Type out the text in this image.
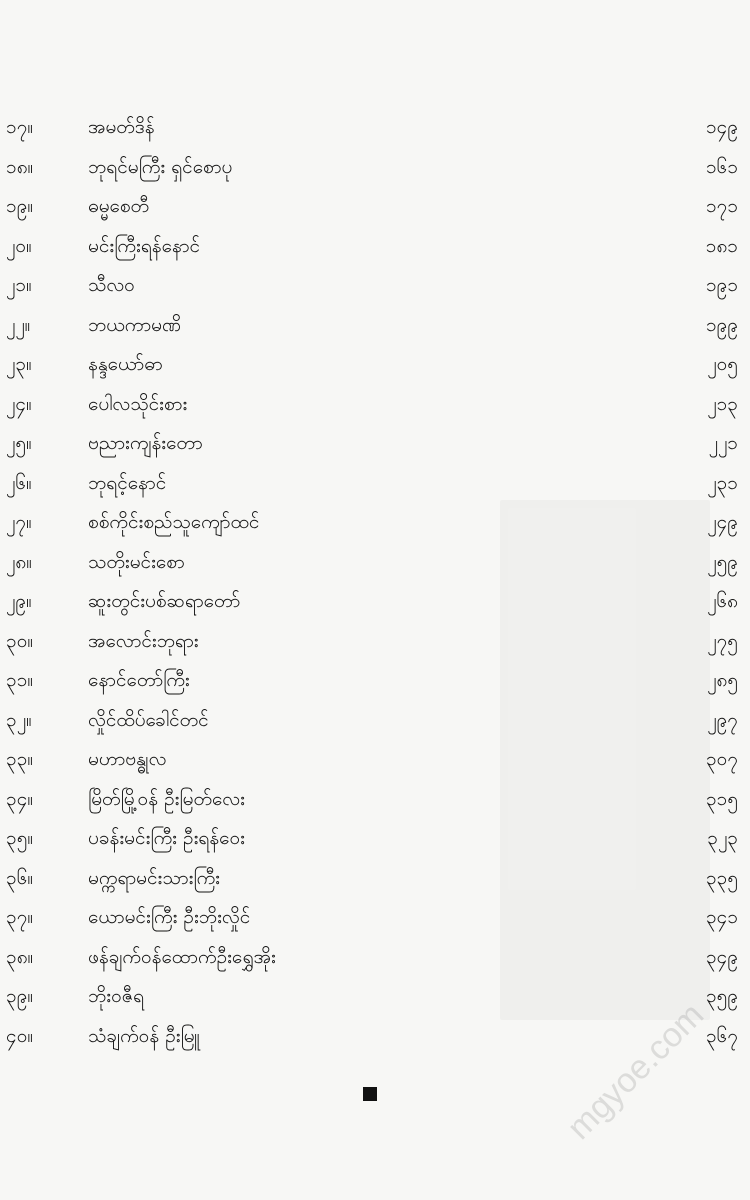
၁၇။	အမတ်ဒိန်	၁၄၉
၁၈။	ဘုရင်မကြီး ရှင်စောပု	၁၆၁
၁၉။	ဓမ္မစေတီ	၁၇၁
၂၀။	မင်းကြီးရန်နောင်	၁၈၁
၂၁။	သီလဝ	၁၉၁
၂၂။	ဘယကာမဏိ	၁၉၉
၂၃။	နန္ဒယော်ဓာ	၂၀၅
၂၄။	ပေါလသိုင်းစား	၂၁၃
၂၅။	ဗညားကျန်းတော	၂၂၁
၂၆။	ဘုရင့်နောင်	၂၃၁
၂၇။	စစ်ကိုင်းစည်သူကျော်ထင်	၂၄၉
၂၈။	သတိုးမင်းစော	၂၅၉
၂၉။	ဆူးတွင်းပစ်ဆရာတော်	၂၆၈
၃၀။	အလောင်းဘုရား	၂၇၅
၃၁။	နောင်တော်ကြီး	၂၈၅
၃၂။	လှိုင်ထိပ်ခေါင်တင်	၂၉၇
၃၃။	မဟာဗန္ဓုလ	၃၀၇
၃၄။	မြိတ်မြို့ဝန် ဦးမြတ်လေး	၃၁၅
၃၅။	ပခန်းမင်းကြီး ဦးရန်ဝေး	၃၂၃
၃၆။	မက္ကရာမင်းသားကြီး	၃၃၅
၃၇။	ယောမင်းကြီး ဦးဘိုးလှိုင်	၃၄၁
၃၈။	ဖန်ချက်ဝန်ထောက်ဦးရွှေအိုး	၃၄၉
၃၉။	ဘိုးဝဇီရ	၃၅၉
၄၀။	သံချက်ဝန် ဦးမြူ	၃၆၇
mgyoe.com
